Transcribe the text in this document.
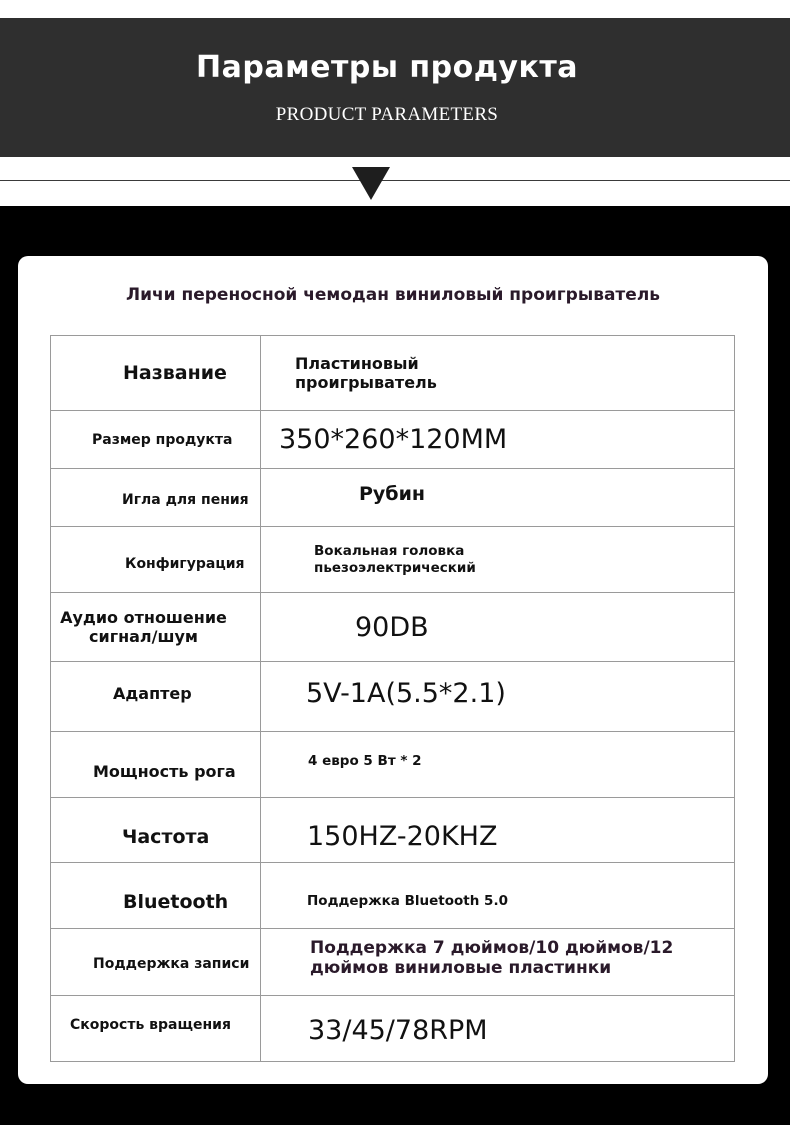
Параметры продукта
PRODUCT PARAMETERS
Личи переносной чемодан виниловый проигрыватель
Название	Пластиновый
проигрыватель

Размер продукта	350*260*120MM
Игла для пения	Рубин
Конфигурация	Вокальная головка
пьезоэлектрический

Аудио отношение
сигнал/шум	90DB
Адаптер	5V-1A(5.5*2.1)
Мощность рога	4 евро 5 Вт * 2
Частота	150HZ-20KHZ
Bluetooth	Поддержка Bluetooth 5.0
Поддержка записи	Поддержка 7 дюймов/10 дюймов/12
дюймов виниловые пластинки

Скорость вращения	33/45/78RPM
